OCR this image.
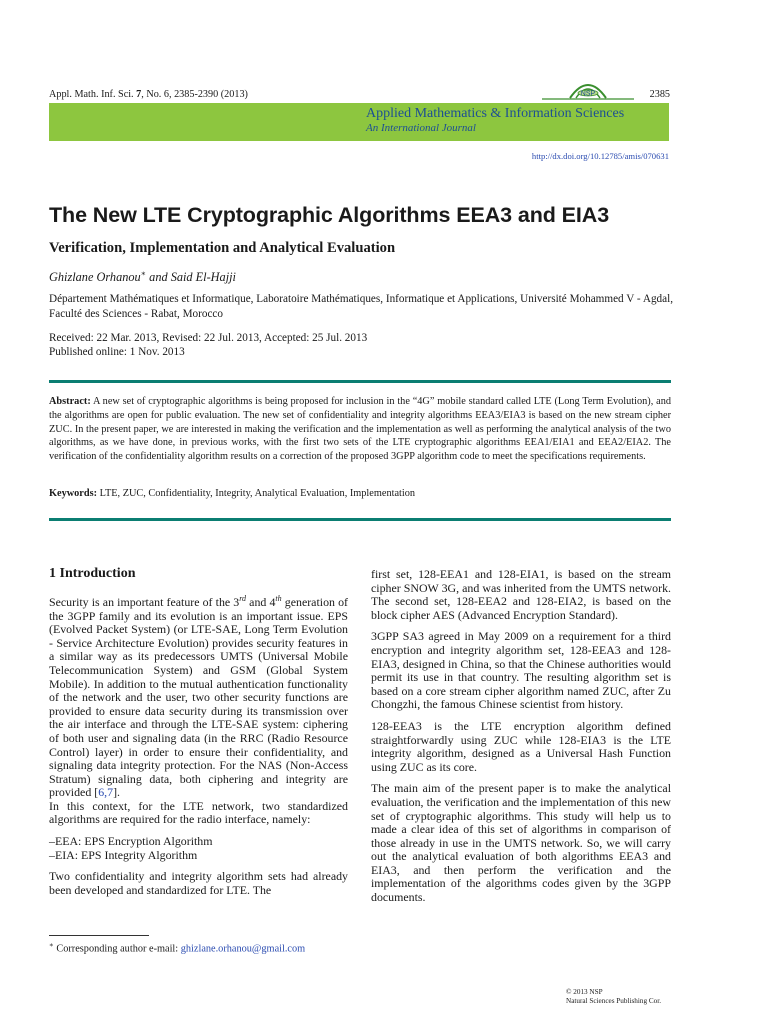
Appl. Math. Inf. Sci. 7, No. 6, 2385-2390 (2013)	2385
NSP
Applied Mathematics & Information Sciences
An International Journal
http://dx.doi.org/10.12785/amis/070631
The New LTE Cryptographic Algorithms EEA3 and EIA3
Verification, Implementation and Analytical Evaluation
Ghizlane Orhanou∗ and Said El-Hajji
Département Mathématiques et Informatique, Laboratoire Mathématiques, Informatique et Applications, Université Mohammed V - Agdal, Faculté des Sciences - Rabat, Morocco
Received: 22 Mar. 2013, Revised: 22 Jul. 2013, Accepted: 25 Jul. 2013
Published online: 1 Nov. 2013
Abstract: A new set of cryptographic algorithms is being proposed for inclusion in the “4G” mobile standard called LTE (Long Term Evolution), and the algorithms are open for public evaluation. The new set of confidentiality and integrity algorithms EEA3/EIA3 is based on the new stream cipher ZUC. In the present paper, we are interested in making the verification and the implementation as well as performing the analytical analysis of the two algorithms, as we have done, in previous works, with the first two sets of the LTE cryptographic algorithms EEA1/EIA1 and EEA2/EIA2. The verification of the confidentiality algorithm results on a correction of the proposed 3GPP algorithm code to meet the specifications requirements.
Keywords: LTE, ZUC, Confidentiality, Integrity, Analytical Evaluation, Implementation
1 Introduction

Security is an important feature of the 3rd and 4th generation of the 3GPP family and its evolution is an important issue. EPS (Evolved Packet System) (or LTE-SAE, Long Term Evolution - Service Architecture Evolution) provides security features in a similar way as its predecessors UMTS (Universal Mobile Telecommunication System) and GSM (Global System Mobile). In addition to the mutual authentication functionality of the network and the user, two other security functions are provided to ensure data security during its transmission over the air interface and through the LTE-SAE system: ciphering of both user and signaling data (in the RRC (Radio Resource Control) layer) in order to ensure their confidentiality, and signaling data integrity protection. For the NAS (Non-Access Stratum) signaling data, both ciphering and integrity are provided [6,7].

In this context, for the LTE network, two standardized algorithms are required for the radio interface, namely:

–EEA: EPS Encryption Algorithm
–EIA: EPS Integrity Algorithm

Two confidentiality and integrity algorithm sets had already been developed and standardized for LTE. The

first set, 128-EEA1 and 128-EIA1, is based on the stream cipher SNOW 3G, and was inherited from the UMTS network. The second set, 128-EEA2 and 128-EIA2, is based on the block cipher AES (Advanced Encryption Standard).

3GPP SA3 agreed in May 2009 on a requirement for a third encryption and integrity algorithm set, 128-EEA3 and 128-EIA3, designed in China, so that the Chinese authorities would permit its use in that country. The resulting algorithm set is based on a core stream cipher algorithm named ZUC, after Zu Chongzhi, the famous Chinese scientist from history.

128-EEA3 is the LTE encryption algorithm defined straightforwardly using ZUC while 128-EIA3 is the LTE integrity algorithm, designed as a Universal Hash Function using ZUC as its core.

The main aim of the present paper is to make the analytical evaluation, the verification and the implementation of this new set of cryptographic algorithms. This study will help us to made a clear idea of this set of algorithms in comparison of those already in use in the UMTS network. So, we will carry out the analytical evaluation of both algorithms EEA3 and EIA3, and then perform the verification and the implementation of the algorithms codes given by the 3GPP documents.

∗ Corresponding author e-mail: ghizlane.orhanou@gmail.com
© 2013 NSP
Natural Sciences Publishing Cor.
